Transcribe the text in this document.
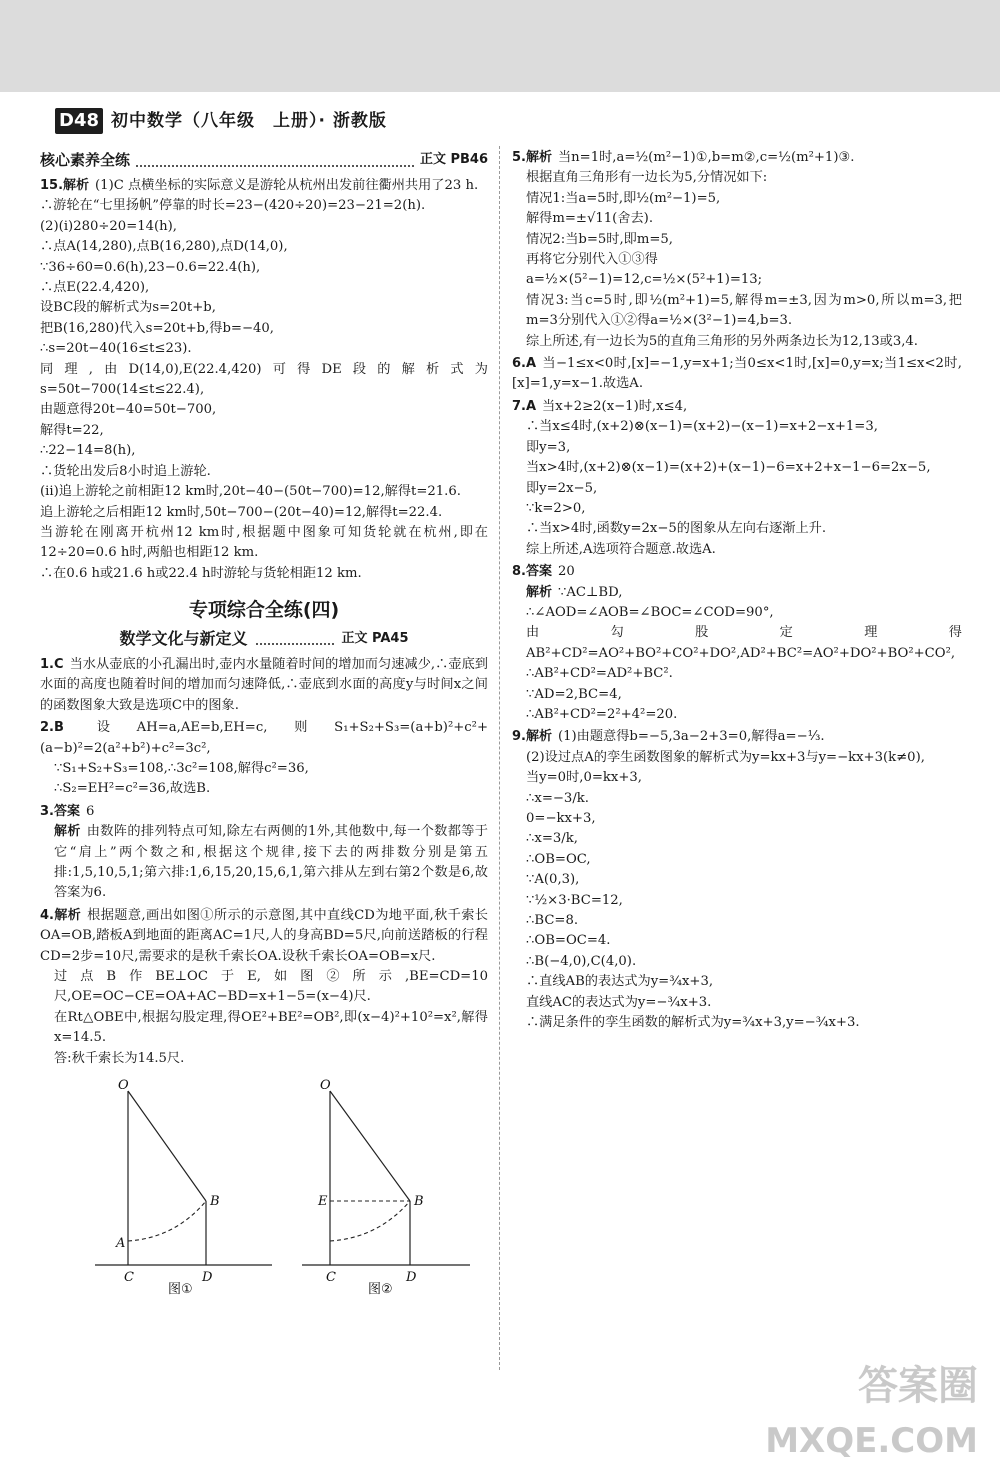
D48 初中数学（八年级　上册）· 浙教版
核心素养全练	正文 PB46

15.解析 (1)C 点横坐标的实际意义是游轮从杭州出发前往衢州共用了23 h.

∴游轮在“七里扬帆”停靠的时长=23−(420÷20)=23−21=2(h).

(2)(i)280÷20=14(h),

∴点A(14,280),点B(16,280),点D(14,0),

∵36÷60=0.6(h),23−0.6=22.4(h),

∴点E(22.4,420),

设BC段的解析式为s=20t+b,

把B(16,280)代入s=20t+b,得b=−40,

∴s=20t−40(16≤t≤23).

同理,由D(14,0),E(22.4,420)可得DE段的解析式为s=50t−700(14≤t≤22.4),

由题意得20t−40=50t−700,

解得t=22,

∴22−14=8(h),

∴货轮出发后8小时追上游轮.

(ii)追上游轮之前相距12 km时,20t−40−(50t−700)=12,解得t=21.6.

追上游轮之后相距12 km时,50t−700−(20t−40)=12,解得t=22.4.

当游轮在刚离开杭州12 km时,根据题中图象可知货轮就在杭州,即在12÷20=0.6 h时,两船也相距12 km.

∴在0.6 h或21.6 h或22.4 h时游轮与货轮相距12 km.

专项综合全练(四)
数学文化与新定义	正文 PA45

1.C 当水从壶底的小孔漏出时,壶内水量随着时间的增加而匀速减少,∴壶底到水面的高度也随着时间的增加而匀速降低,∴壶底到水面的高度y与时间x之间的函数图象大致是选项C中的图象.

2.B 设AH=a,AE=b,EH=c,则S₁+S₂+S₃=(a+b)²+c²+(a−b)²=2(a²+b²)+c²=3c²,

∵S₁+S₂+S₃=108,∴3c²=108,解得c²=36,

∴S₂=EH²=c²=36,故选B.

3.答案 6

解析 由数阵的排列特点可知,除左右两侧的1外,其他数中,每一个数都等于它“肩上”两个数之和,根据这个规律,接下去的两排数分别是第五排:1,5,10,5,1;第六排:1,6,15,20,15,6,1,第六排从左到右第2个数是6,故答案为6.

4.解析 根据题意,画出如图①所示的示意图,其中直线CD为地平面,秋千索长OA=OB,踏板A到地面的距离AC=1尺,人的身高BD=5尺,向前送踏板的行程CD=2步=10尺,需要求的是秋千索长OA.设秋千索长OA=OB=x尺.

过点B作BE⊥OC于E,如图②所示,BE=CD=10尺,OE=OC−CE=OA+AC−BD=x+1−5=(x−4)尺.

在Rt△OBE中,根据勾股定理,得OE²+BE²=OB²,即(x−4)²+10²=x²,解得x=14.5.

答:秋千索长为14.5尺.

O
A
B
C	D
图①
O
E	B
C	D
图②

5.解析 当n=1时,a=½(m²−1)①,b=m②,c=½(m²+1)③.

根据直角三角形有一边长为5,分情况如下:

情况1:当a=5时,即½(m²−1)=5,

解得m=±√11(舍去).

情况2:当b=5时,即m=5,

再将它分别代入①③得

a=½×(5²−1)=12,c=½×(5²+1)=13;

情况3:当c=5时,即½(m²+1)=5,解得m=±3,因为m>0,所以m=3,把m=3分别代入①②得a=½×(3²−1)=4,b=3.

综上所述,有一边长为5的直角三角形的另外两条边长为12,13或3,4.

6.A 当−1≤x<0时,[x]=−1,y=x+1;当0≤x<1时,[x]=0,y=x;当1≤x<2时,[x]=1,y=x−1.故选A.

7.A 当x+2≥2(x−1)时,x≤4,

∴当x≤4时,(x+2)⊗(x−1)=(x+2)−(x−1)=x+2−x+1=3,

即y=3,

当x>4时,(x+2)⊗(x−1)=(x+2)+(x−1)−6=x+2+x−1−6=2x−5,

即y=2x−5,

∵k=2>0,

∴当x>4时,函数y=2x−5的图象从左向右逐渐上升.

综上所述,A选项符合题意.故选A.

8.答案 20

解析 ∵AC⊥BD,

∴∠AOD=∠AOB=∠BOC=∠COD=90°,

由勾股定理得AB²+CD²=AO²+BO²+CO²+DO²,AD²+BC²=AO²+DO²+BO²+CO²,

∴AB²+CD²=AD²+BC².

∵AD=2,BC=4,

∴AB²+CD²=2²+4²=20.

9.解析 (1)由题意得b=−5,3a−2+3=0,解得a=−⅓.

(2)设过点A的孪生函数图象的解析式为y=kx+3与y=−kx+3(k≠0),

当y=0时,0=kx+3,

∴x=−3/k.

0=−kx+3,

∴x=3/k,

∴OB=OC,

∵A(0,3),

∵½×3·BC=12,

∴BC=8.

∴OB=OC=4.

∴B(−4,0),C(4,0).

∴直线AB的表达式为y=¾x+3,

直线AC的表达式为y=−¾x+3.

∴满足条件的孪生函数的解析式为y=¾x+3,y=−¾x+3.

答案圈
MXQE.COM
